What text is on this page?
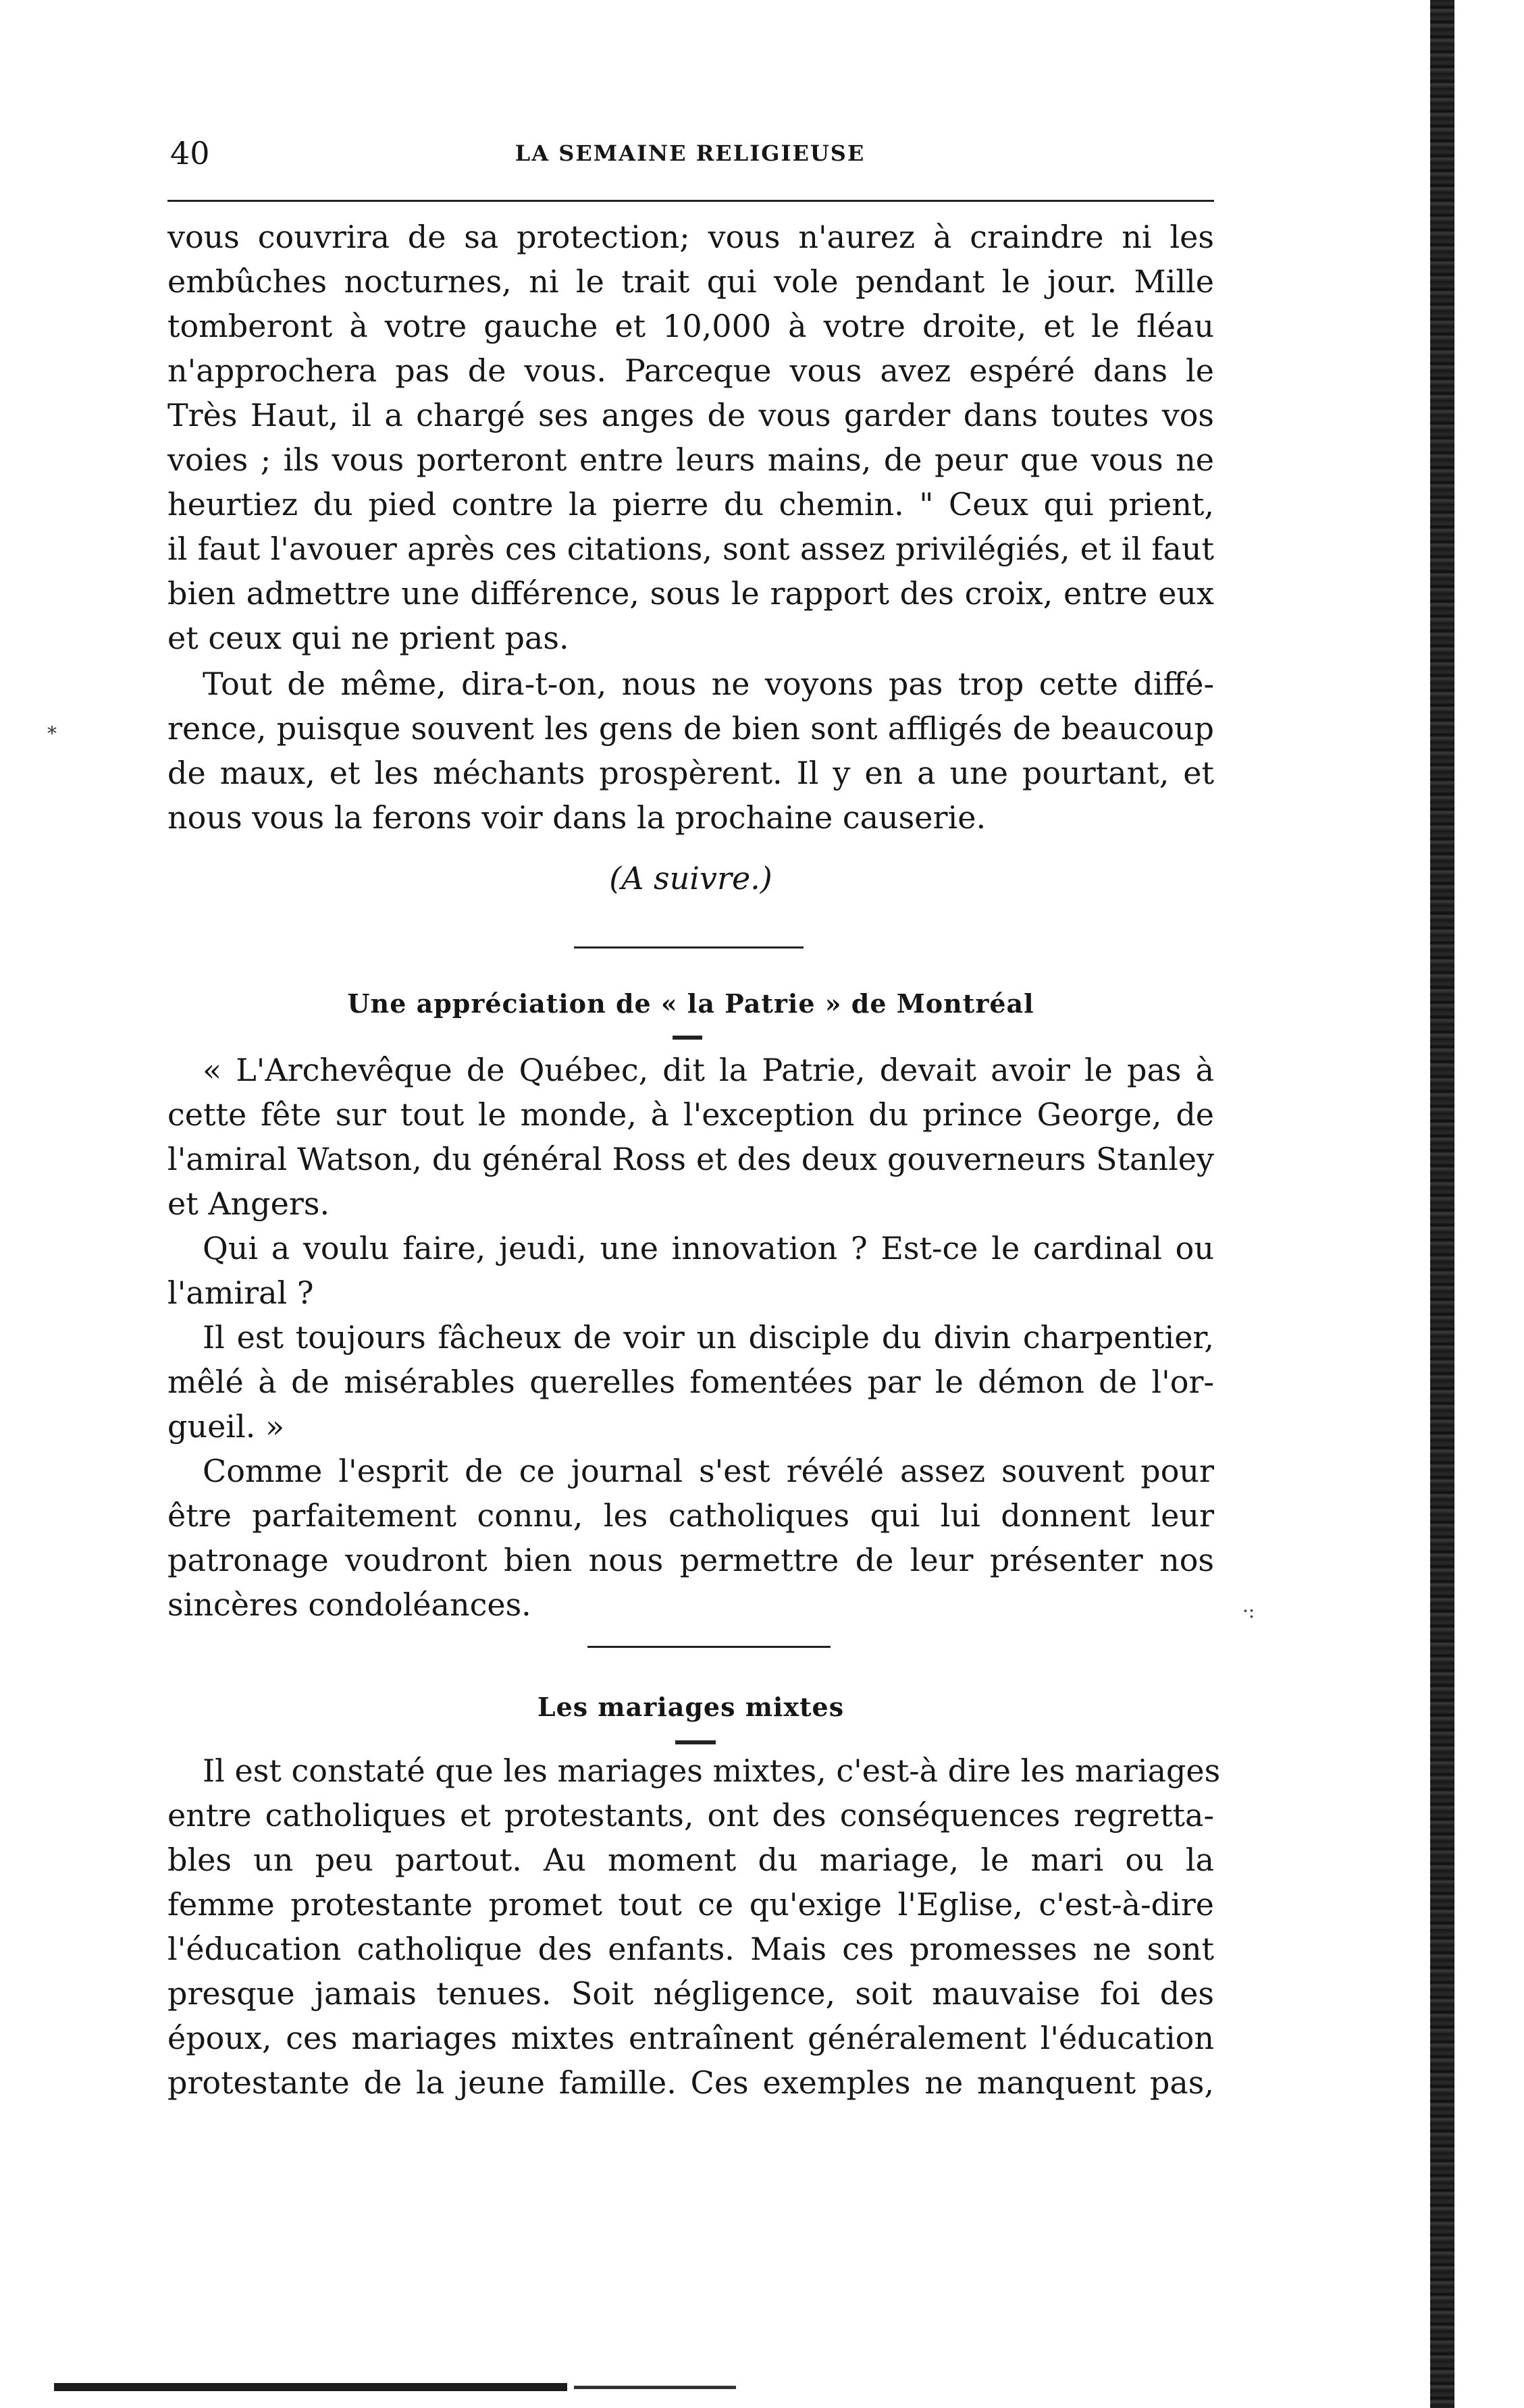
40	LA SEMAINE RELIGIEUSE
vous couvrira de sa protection; vous n'aurez à craindre ni les
embûches nocturnes, ni le trait qui vole pendant le jour. Mille
tomberont à votre gauche et 10,000 à votre droite, et le fléau
n'approchera pas de vous. Parceque vous avez espéré dans le
Très Haut, il a chargé ses anges de vous garder dans toutes vos
voies ; ils vous porteront entre leurs mains, de peur que vous ne
heurtiez du pied contre la pierre du chemin. " Ceux qui prient,
il faut l'avouer après ces citations, sont assez privilégiés, et il faut
bien admettre une différence, sous le rapport des croix, entre eux
et ceux qui ne prient pas.
Tout de même, dira-t-on, nous ne voyons pas trop cette diffé-
rence, puisque souvent les gens de bien sont affligés de beaucoup
de maux, et les méchants prospèrent. Il y en a une pourtant, et
nous vous la ferons voir dans la prochaine causerie.
*
(A suivre.)
Une appréciation de « la Patrie » de Montréal
« L'Archevêque de Québec, dit la Patrie, devait avoir le pas à
cette fête sur tout le monde, à l'exception du prince George, de
l'amiral Watson, du général Ross et des deux gouverneurs Stanley
et Angers.
Qui a voulu faire, jeudi, une innovation ? Est-ce le cardinal ou
l'amiral ?
Il est toujours fâcheux de voir un disciple du divin charpentier,
mêlé à de misérables querelles fomentées par le démon de l'or-
gueil. »
Comme l'esprit de ce journal s'est révélé assez souvent pour
être parfaitement connu, les catholiques qui lui donnent leur
patronage voudront bien nous permettre de leur présenter nos
sincères condoléances.	·:
Les mariages mixtes
Il est constaté que les mariages mixtes, c'est-à dire les mariages
entre catholiques et protestants, ont des conséquences regretta-
bles un peu partout. Au moment du mariage, le mari ou la
femme protestante promet tout ce qu'exige l'Eglise, c'est-à-dire
l'éducation catholique des enfants. Mais ces promesses ne sont
presque jamais tenues. Soit négligence, soit mauvaise foi des
époux, ces mariages mixtes entraînent généralement l'éducation
protestante de la jeune famille. Ces exemples ne manquent pas,
